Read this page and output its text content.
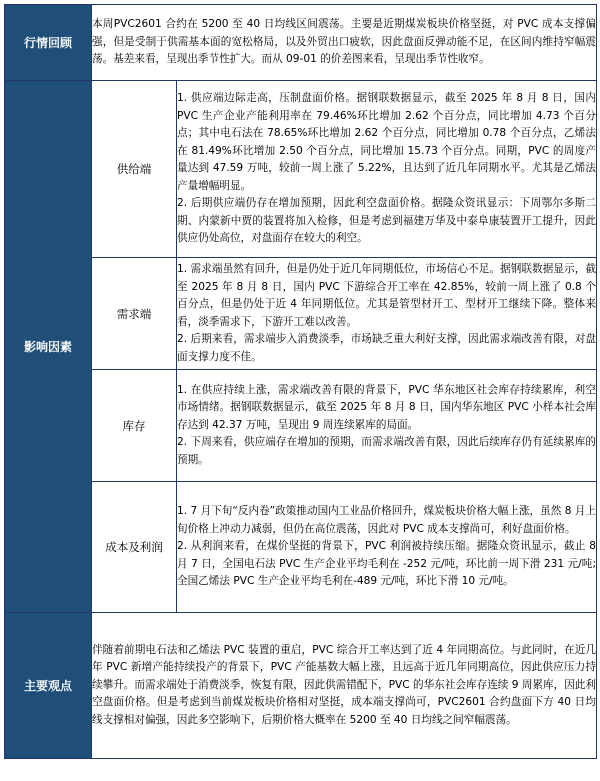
行情回顾	本周PVC2601 合约在 5200 至 40 日均线区间震荡。主要是近期煤炭板块价格坚挺，对 PVC 成本支撑偏强，但是受制于供需基本面的宽松格局，以及外贸出口疲软，因此盘面反弹动能不足，在区间内维持窄幅震荡。基差来看，呈现出季节性扩大。而从 09-01 的价差图来看，呈现出季节性收窄。	
影响因素	供给端	1. 供应端边际走高，压制盘面价格。据钢联数据显示，截至 2025 年 8 月 8 日，国内 PVC 生产企业产能利用率在 79.46%环比增加 2.62 个百分点，同比增加 4.73 个百分点；其中电石法在 78.65%环比增加 2.62 个百分点，同比增加 0.78 个百分点，乙烯法在 81.49%环比增加 2.50 个百分点，同比增加 15.73 个百分点。同期，PVC 的周度产量达到 47.59 万吨，较前一周上涨了 5.22%，且达到了近几年同期水平。尤其是乙烯法产量增幅明显。
2. 后期供应端仍存在增加预期，因此利空盘面价格。据隆众资讯显示：下周鄂尔多斯二期、内蒙新中贾的装置将加入检修，但是考虑到福建万华及中泰阜康装置开工提升，因此供应仍处高位，对盘面存在较大的利空。

	需求端	1. 需求端虽然有回升，但是仍处于近几年同期低位，市场信心不足。据钢联数据显示，截至 2025 年 8 月 8 日，国内 PVC 下游综合开工率在 42.85%，较前一周上涨了 0.8 个百分点，但是仍处于近 4 年同期低位。尤其是管型材开工、型材开工继续下降。整体来看，淡季需求下，下游开工难以改善。
2. 后期来看，需求端步入消费淡季，市场缺乏重大利好支撑，因此需求端改善有限，对盘面支撑力度不佳。

	库存	1. 在供应持续上涨，需求端改善有限的背景下，PVC 华东地区社会库存持续累库，利空市场情绪。据钢联数据显示，截至 2025 年 8 月 8 日，国内华东地区 PVC 小样本社会库存达到 42.37 万吨，呈现出 9 周连续累库的局面。
2. 下周来看，供应端存在增加的预期，而需求端改善有限，因此后续库存仍有延续累库的预期。

	成本及利润	1. 7 月下旬“反内卷”政策推动国内工业品价格回升，煤炭板块价格大幅上涨，虽然 8 月上旬价格上冲动力减弱，但仍在高位震荡，因此对 PVC 成本支撑尚可，利好盘面价格。
2. 从利润来看，在煤价坚挺的背景下，PVC 利润被持续压缩。据隆众资讯显示，截止 8 月 7 日，全国电石法 PVC 生产企业平均毛利在 -252 元/吨，环比前一周下滑 231 元/吨;全国乙烯法 PVC 生产企业平均毛利在-489 元/吨，环比下滑 10 元/吨。

主要观点	伴随着前期电石法和乙烯法 PVC 装置的重启，PVC 综合开工率达到了近 4 年同期高位。与此同时，在近几年 PVC 新增产能持续投产的背景下，PVC 产能基数大幅上涨，且远高于近几年同期高位，因此供应压力持续攀升。而需求端处于消费淡季，恢复有限，因此供需错配下，PVC 的华东社会库存连续 9 周累库，因此利空盘面价格。但是考虑到当前煤炭板块价格相对坚挺，成本端支撑尚可，PVC2601 合约盘面下方 40 日均线支撑相对偏强，因此多空影响下，后期价格大概率在 5200 至 40 日均线之间窄幅震荡。	
